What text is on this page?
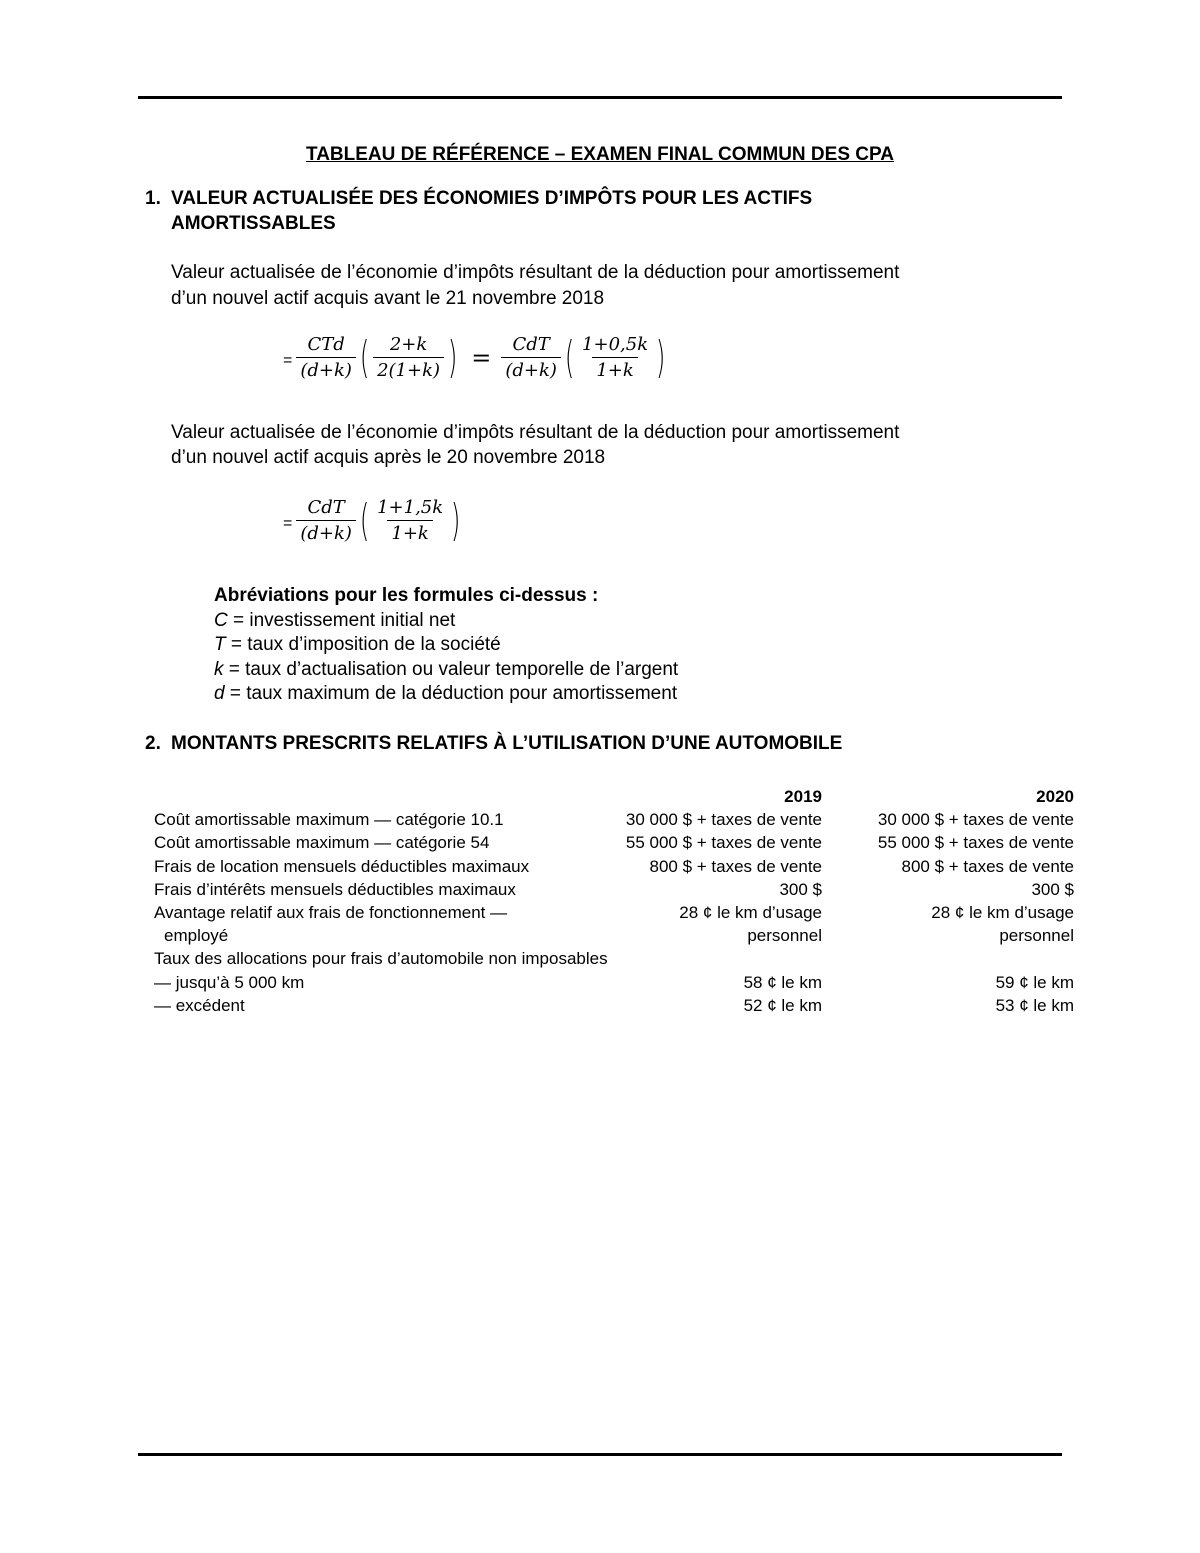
TABLEAU DE RÉFÉRENCE – EXAMEN FINAL COMMUN DES CPA
1. VALEUR ACTUALISÉE DES ÉCONOMIES D’IMPÔTS POUR LES ACTIFS
AMORTISSABLES
Valeur actualisée de l’économie d’impôts résultant de la déduction pour amortissement
d’un nouvel actif acquis avant le 21 novembre 2018
= $\frac{\text{CTd}}{(d+k)}$ ( $\frac{2+k}{2(1+k)}$ ) = $\frac{\text{CdT}}{(d+k)}$ ( $\frac{1+0,5k}{1+k}$ )
Valeur actualisée de l’économie d’impôts résultant de la déduction pour amortissement
d’un nouvel actif acquis après le 20 novembre 2018
= $\frac{\text{CdT}}{(d+k)}$ ( $\frac{1+1,5k}{1+k}$ )
Abréviations pour les formules ci-dessus :
C = investissement initial net
T = taux d’imposition de la société
k = taux d’actualisation ou valeur temporelle de l’argent
d = taux maximum de la déduction pour amortissement
2. MONTANTS PRESCRITS RELATIFS À L’UTILISATION D’UNE AUTOMOBILE
	2019	2020
Coût amortissable maximum — catégorie 10.1	30 000 $ + taxes de vente	30 000 $ + taxes de vente
Coût amortissable maximum — catégorie 54	55 000 $ + taxes de vente	55 000 $ + taxes de vente
Frais de location mensuels déductibles maximaux	800 $ + taxes de vente	800 $ + taxes de vente
Frais d’intérêts mensuels déductibles maximaux	300 $	300 $
Avantage relatif aux frais de fonctionnement —	28 ¢ le km d’usage	28 ¢ le km d’usage
employé	personnel	personnel
Taux des allocations pour frais d’automobile non imposables		
— jusqu’à 5 000 km	58 ¢ le km	59 ¢ le km
— excédent	52 ¢ le km	53 ¢ le km
